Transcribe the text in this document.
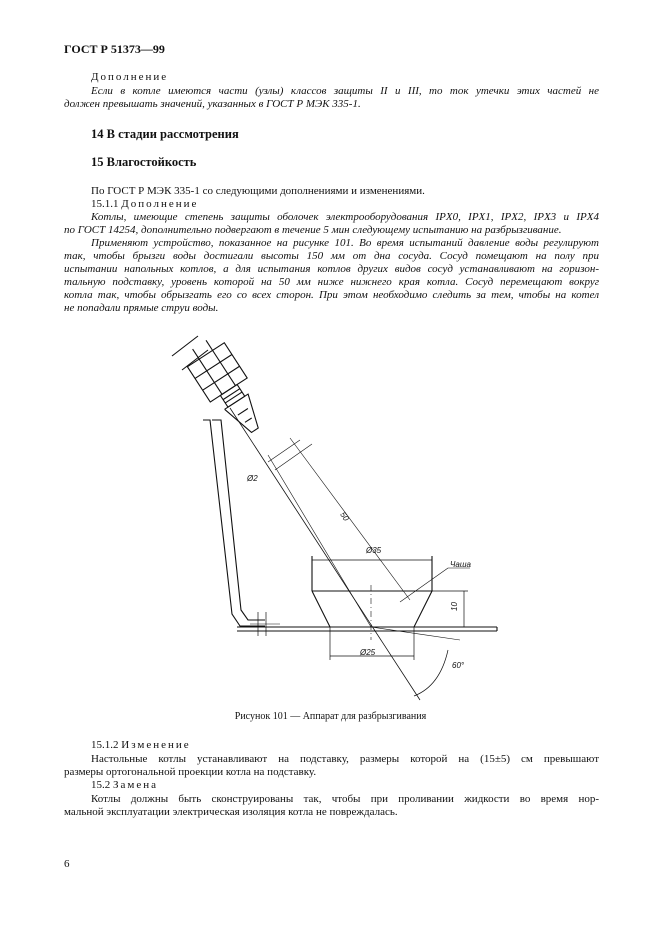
ГОСТ Р 51373—99
Дополнение
Если в котле имеются части (узлы) классов защиты II и III, то ток утечки этих частей не
должен превышать значений, указанных в ГОСТ Р МЭК 335-1.
14 В стадии рассмотрения
15 Влагостойкость
По ГОСТ Р МЭК 335-1 со следующими дополнениями и изменениями.
15.1.1 Дополнение
Котлы, имеющие степень защиты оболочек электрооборудования IPX0, IPX1, IPX2, IPX3 и IPX4
по ГОСТ 14254, дополнительно подвергают в течение 5 мин следующему испытанию на разбрызгивание.
Применяют устройство, показанное на рисунке 101. Во время испытаний давление воды регулируют
так, чтобы брызги воды достигали высоты 150 мм от дна сосуда. Сосуд помещают на полу при
испытании напольных котлов, а для испытания котлов других видов сосуд устанавливают на горизон-
тальную подставку, уровень которой на 50 мм ниже нижнего края котла. Сосуд перемещают вокруг
котла так, чтобы обрызгать его со всех сторон. При этом необходимо следить за тем, чтобы на котел
не попадали прямые струи воды.
Ø2
50
Ø35
Ø25
10
60°
Чаша
Рисунок 101 — Аппарат для разбрызгивания
15.1.2 Изменение
Настольные котлы устанавливают на подставку, размеры которой на (15±5) см превышают
размеры ортогональной проекции котла на подставку.
15.2 Замена
Котлы должны быть сконструированы так, чтобы при проливании жидкости во время нор-
мальной эксплуатации электрическая изоляция котла не повреждалась.
6
